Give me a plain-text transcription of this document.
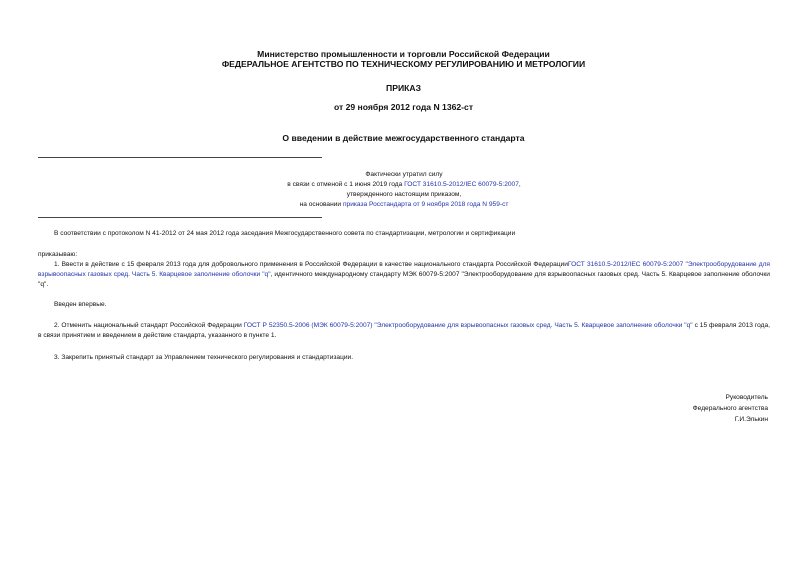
Министерство промышленности и торговли Российской Федерации
ФЕДЕРАЛЬНОЕ АГЕНТСТВО ПО ТЕХНИЧЕСКОМУ РЕГУЛИРОВАНИЮ И МЕТРОЛОГИИ
ПРИКАЗ
от 29 ноября 2012 года N 1362-ст
О введении в действие межгосударственного стандарта
Фактически утратил силу
в связи с отменой с 1 июня 2019 года ГОСТ 31610.5-2012/IEC 60079-5:2007,
утвержденного настоящим приказом,
на основании приказа Росстандарта от 9 ноября 2018 года N 959-ст
В соответствии с протоколом N 41-2012 от 24 мая 2012 года заседания Межгосударственного совета по стандартизации, метрологии и сертификации
приказываю:
1. Ввести в действие с 15 февраля 2013 года для добровольного применения в Российской Федерации в качестве национального стандарта Российской ФедерацииГОСТ 31610.5-2012/IEC 60079-5:2007 "Электрооборудование для взрывоопасных газовых сред. Часть 5. Кварцевое заполнение оболочки "q", идентичного международному стандарту МЭК 60079-5:2007 "Электрооборудование для взрывоопасных газовых сред. Часть 5. Кварцевое заполнение оболочки "q".
Введен впервые.
2. Отменить национальный стандарт Российской Федерации ГОСТ Р 52350.5-2006 (МЭК 60079-5:2007) "Электрооборудование для взрывоопасных газовых сред. Часть 5. Кварцевое заполнение оболочки "q" с 15 февраля 2013 года, в связи принятием и введением в действие стандарта, указанного в пункте 1.
3. Закрепить принятый стандарт за Управлением технического регулирования и стандартизации.
Руководитель
Федерального агентства
Г.И.Элькин
